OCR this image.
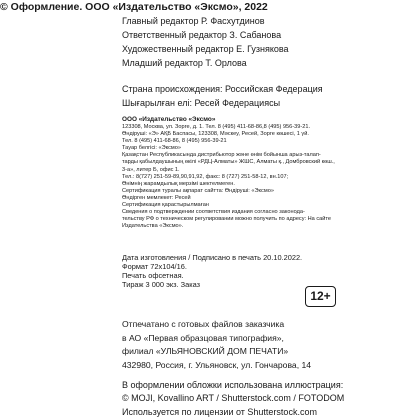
© Оформление. ООО «Издательство «Эксмо», 2022
Главный редактор Р. Фасхутдинов
Ответственный редактор З. Сабанова
Художественный редактор Е. Гузнякова
Младший редактор Т. Орлова
Страна происхождения: Российская Федерация
Шығарылған елі: Ресей Федерациясы
ООО «Издательство «Эксмо»
123308, Москва, ул. Зорге, д. 1. Тел. 8 (495) 411-68-86,8 (495) 956-39-21.
Өндіруші: «Э» АҚБ Баспасы, 123308, Мәскеу, Ресей, Зорге көшесі, 1 үй.
Тел. 8 (495) 411-68-86, 8 (495) 956-39-21
Тауар белгісі: «Эксмо»
Қазақстан Республикасында дистрибьютор және өнім бойынша арыз-талап-
тарды қабылдаушының өкілі «РДЦ-Алматы» ЖШС, Алматы қ., Домбровский көш.,
3-а», литер Б, офис 1.
Тел.: 8(727) 251-59-89,90,91,92, факс: 8 (727) 251-58-12, вн.107;
Өнімнің жарамдылық мерзімі шектелмеген.
Сертификация туралы ақпарат сайтта: Өндіруші: «Эксмо»
Өндірген мемлекет: Ресей
Сертификация қарастырылмаған
Сведения о подтверждении соответствия издания согласно законода-
тельству РФ о техническом регулировании можно получить по адресу: На сайте
Издательства «Эксмо».
Дата изготовления / Подписано в печать 20.10.2022.
Формат 72x104/16.
Печать офсетная.
Тираж 3 000 экз. Заказ
12+
Отпечатано с готовых файлов заказчика
в АО «Первая образцовая типография»,
филиал «УЛЬЯНОВСКИЙ ДОМ ПЕЧАТИ»
432980, Россия, г. Ульяновск, ул. Гончарова, 14
В оформлении обложки использована иллюстрация:
© MOJI, Kovallino ART / Shutterstock.com / FOTODOM
Используется по лицензии от Shutterstock.com
